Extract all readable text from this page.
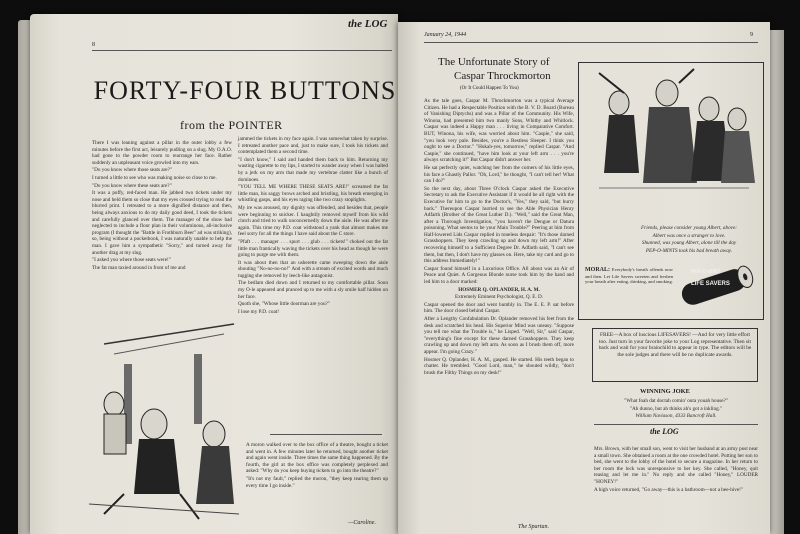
8
the LOG
FORTY-FOUR BUTTONS
from the POINTER

There I was leaning against a pillar in the outer lobby a few minutes before the first act, leisurely pudling on a slug. My O.A.O. had gone to the powder room to rearrange her face. Rather suddenly an unpleasant voice growled into my ears.

"Do you know where those seats are?"

I turned a little to see who was making noise so close to me.

"Do you know where these seats are?"

It was a puffy, red-faced man. He jabbed two tickets under my nose and held them so close that my eyes crossed trying to read the blurred print. I retreated to a more dignified distance and then, being always anxious to do my daily good deed, I took the tickets and carefully glanced over them. The manager of the show had neglected to include a floor plan in their voluminous, all-inclusive program (I thought the "Battle in Frothburn Beer" ad was striking), so, being without a pocketbook, I was naturally unable to help the man. I gave him a sympathetic "Sorry," and turned away for another drag at my slug.

"I asked you where those seats were!"

The fat man taxied around in front of me and

jammed the tickets in my face again. I was somewhat taken by surprise. I retreated another pace and, just to make sure, I took his tickets and contemplated them a second time.

"I don't know," I said and handed them back to him. Returning my wasting cigarette to my lips, I started to wander away when I was halted by a jerk on my arm that made my vertebrae clatter like a bunch of dominoes.

"YOU TELL ME WHERE THESE SEATS ARE!" screamed the fat little man, his saggy brows arched and bristling, his breath emerging in whistling gasps, and his eyes raging like two crazy stoplights.

My ire was aroused, my dignity was offended, and besides that, people were beginning to snicker. I haughtily removed myself from his wild clutch and tried to walk unconcernedly down the aisle. He was after me again. This time my P.D. coat withstood a yank that almost makes me feel sorry for all the things I have said about the C store.

"Pfaft . . . manager . . . spurt . . . glub . . . tickets!" choked out the fat little man frantically waving the tickets over his head as though he were going to purge me with them.

It was about then that an usherette came sweeping down the aisle shouting "No-no-no-no!" And with a stream of excited words and much tugging she removed by leech-like antagonist.

The bedlam died down and I returned to my comfortable pillar. Soon my O-le appeared and pranced up to me with a sly smile half hidden on her face.

Quoth she, "Whose little doorman are you?"

I lose my P.D. coat!

A moron walked over to the box office of a theatre, bought a ticket and went in. A few minutes later he returned, bought another ticket and again went inside. Three times the same thing happened. By the fourth, the girl at the box office was completely perplexed and asked: "Why do you keep buying tickets to go into the theatre?"

"It's not my fault," replied the moron, "they keep tearing them up every time I go inside."

—Caroline.
January 24, 1944	9
The Unfortunate Story of
Caspar Throckmorton
(Or It Could Happen To You)

As the tale goes, Caspar M. Throckmorton was a typical Average Citizen. He had a Respectable Position with the B. V. D. Board (Bureau of Vanishing Diptychs) and was a Pillar of the Community. His Wife, Winona, had presented him two manly Sons, Whitby and Whitlock. Caspar was indeed a Happy man . . . living in Comparative Comfort. BUT, Winona, his wife, was worried about him. "Caspie," she said, "you look very pale. Besides, you're a Restless Sleeper. I think you ought to see a Doctor." "Hukah-yes, tomorrow," replied Caspar. "And Caspie," she continued, "have him look at your left arm . . . you're always scratching it!" But Caspar didn't answer her.

He sat perfectly quiet, watching her from the corners of his little eyes, his face a Ghastly Pallor. "Oh, Lord," he thought, "I can't tell her! What can I do?"

So the next day, about Three O'clock Caspar asked the Executive Secretary to ask the Executive Assistant if it would be all right with the Executive for him to go to the Doctor's, "Yes," they said, "but hurry back." Thereupon Caspar hurried to see the Able Physician Henry Adfarth (Brother of the Great Luther D.). "Well," said the Great Man, after a Thorough Investigation, "you haven't the Dengue or Datura poisoning. What seems to be your Main Trouble?" Peering at him from Half-lowered Lids Caspar replied in toneless despair: "It's those darned Grasshoppers. They keep crawling up and down my left arm!" After recovering himself to a Sufficient Degree Dr. Adfarth said, "I can't see them, but then, I don't have my glasses on. Here, take my card and go to this address Immediately!"

Caspar found himself in a Luxurious Office. All about was an Air of Peace and Quiet. A Gorgeous Blonde nurse took him by the hand and led him to a door marked:

HOSMER Q. OPLANDER, H. A. M.

Extremely Eminent Psychologist, Q. E. D.

Caspar opened the door and went humbly in. The E. E. P. sat before him. The door closed behind Caspar.

After a Lengthy Confabulation Dr. Oplander removed his feet from the desk and scratched his head. His Superior Mind was uneasy. "Suppose you tell me what the Trouble is," he Lisped. "Well, Sir," said Caspar, "everything's fine except for these darned Grasshoppers. They keep crawling up and down my left arm. As soon as I brush them off, more appear. I'm going Crazy."

Hosmer Q. Oplander, H. A. M., gasped. He started. His teeth began to chatter. He trembled. "Good Lord, man," he shouted wildly, "don't brush the Filthy Things on my desk!"

The Spartan.

Friends, please consider young Albert, above:

Albert was once a stranger to love.

Shunned, was young Albert, alone till the day

PEP-O-MINTS took his bad breath away.

MORAL: Everybody's breath offends now and then. Let Life Savers sweeten and freshen your breath after eating, drinking, and smoking.
PEP-O-MINT
LIFE SAVERS
FREE—A box of luscious LIFESAVERS! —And for very little effort too. Just turn in your favorite joke to your Log representative. Then sit back and wait for your brainchild to appear in type. The editors will be the sole judges and there will be no duplicate awards.
WINNING JOKE

"What foah dat doctah comin' outa youah house?"

"Ah dunno, but ah thinks ah's got a inkling."

William Naviason, 4333 Bancroft Hall.

the LOG

Mrs. Brown, with her small son, went to visit her husband at an army post near a small town. She obtained a room at the one crowded hotel. Putting her son to bed, she went to the lobby of the hotel to secure a magazine. In her return to her room the lock was unresponsive to her key. She called, "Honey, quit teasing and let me in." No reply and she called "Honey," LOUDER "HONEY!"

A high voice returned, "Go away—this is a bathroom—not a bee-hive!"
